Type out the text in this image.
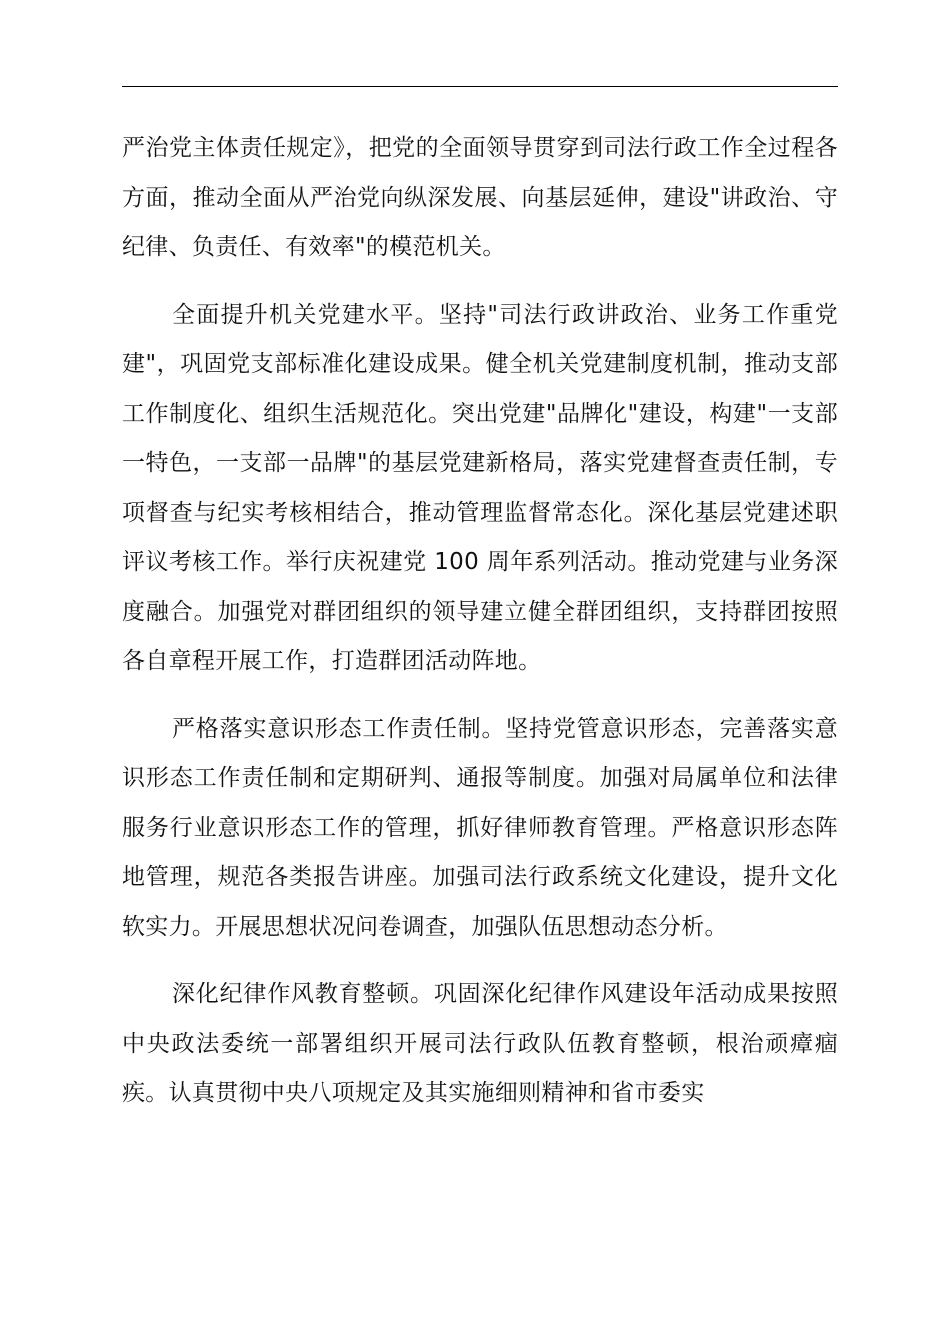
严治党主体责任规定》，把党的全面领导贯穿到司法行政工作全过程各方面，推动全面从严治党向纵深发展、向基层延伸，建设"讲政治、守纪律、负责任、有效率"的模范机关。

全面提升机关党建水平。坚持"司法行政讲政治、业务工作重党建"，巩固党支部标准化建设成果。健全机关党建制度机制，推动支部工作制度化、组织生活规范化。突出党建"品牌化"建设，构建"一支部一特色，一支部一品牌"的基层党建新格局，落实党建督查责任制，专项督查与纪实考核相结合，推动管理监督常态化。深化基层党建述职评议考核工作。举行庆祝建党 100 周年系列活动。推动党建与业务深度融合。加强党对群团组织的领导建立健全群团组织，支持群团按照各自章程开展工作，打造群团活动阵地。

严格落实意识形态工作责任制。坚持党管意识形态，完善落实意识形态工作责任制和定期研判、通报等制度。加强对局属单位和法律服务行业意识形态工作的管理，抓好律师教育管理。严格意识形态阵地管理，规范各类报告讲座。加强司法行政系统文化建设，提升文化软实力。开展思想状况问卷调查，加强队伍思想动态分析。

深化纪律作风教育整顿。巩固深化纪律作风建设年活动成果按照中央政法委统一部署组织开展司法行政队伍教育整顿，根治顽瘴痼疾。认真贯彻中央八项规定及其实施细则精神和省市委实
